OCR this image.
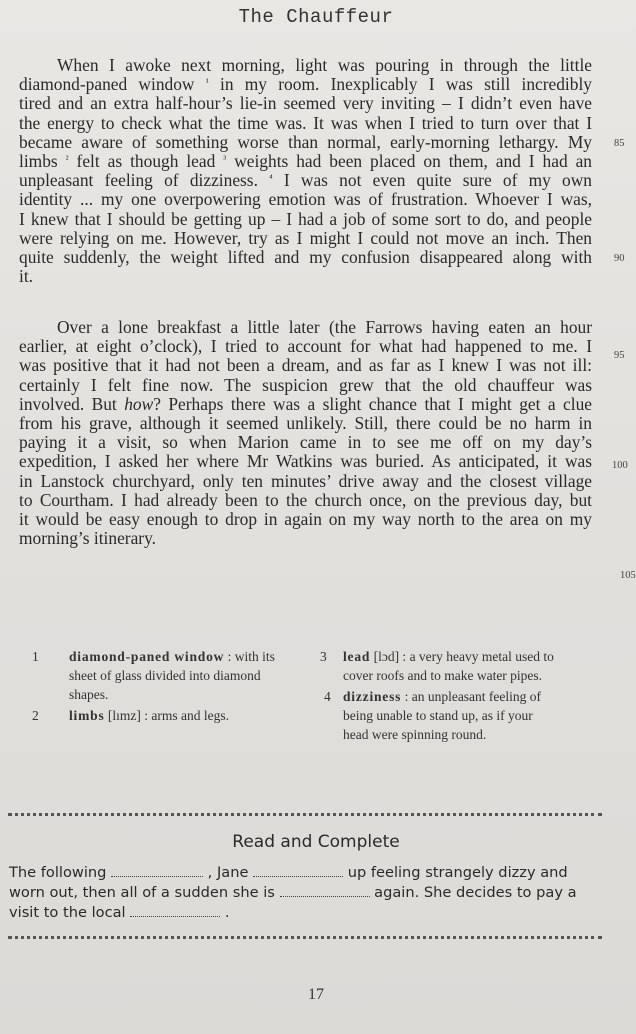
The Chauffeur
When I awoke next morning, light was pouring in through the little
diamond-paned window $^{^1}$ in my room. Inexplicably I was still incredibly
tired and an extra half-hour’s lie-in seemed very inviting – I didn’t even have
the energy to check what the time was. It was when I tried to turn over that I
became aware of something worse than normal, early-morning lethargy. My
limbs $^{^2}$ felt as though lead $^{^3}$ weights had been placed on them, and I had an
unpleasant feeling of dizziness. $^{^4}$ I was not even quite sure of my own
identity ... my one overpowering emotion was of frustration. Whoever I was,
I knew that I should be getting up – I had a job of some sort to do, and people
were relying on me. However, try as I might I could not move an inch. Then
quite suddenly, the weight lifted and my confusion disappeared along with
it.
Over a lone breakfast a little later (the Farrows having eaten an hour
earlier, at eight o’clock), I tried to account for what had happened to me. I
was positive that it had not been a dream, and as far as I knew I was not ill:
certainly I felt fine now. The suspicion grew that the old chauffeur was
involved. But how? Perhaps there was a slight chance that I might get a clue
from his grave, although it seemed unlikely. Still, there could be no harm in
paying it a visit, so when Marion came in to see me off on my day’s
expedition, I asked her where Mr Watkins was buried. As anticipated, it was
in Lanstock churchyard, only ten minutes’ drive away and the closest village
to Courtham. I had already been to the church once, on the previous day, but
it would be easy enough to drop in again on my way north to the area on my
morning’s itinerary.
85
90
95
100
105
1 diamond-paned window : with its
sheet of glass divided into diamond
shapes.
2 limbs [lımz] : arms and legs.
3 lead [lɔd] : a very heavy metal used to
cover roofs and to make water pipes.
4 dizziness : an unpleasant feeling of
being unable to stand up, as if your
head were spinning round.
Read and Complete
The following	, Jane	up feeling strangely dizzy and
worn out, then all of a sudden she is	again. She decides to pay a
visit to the local	.
17
